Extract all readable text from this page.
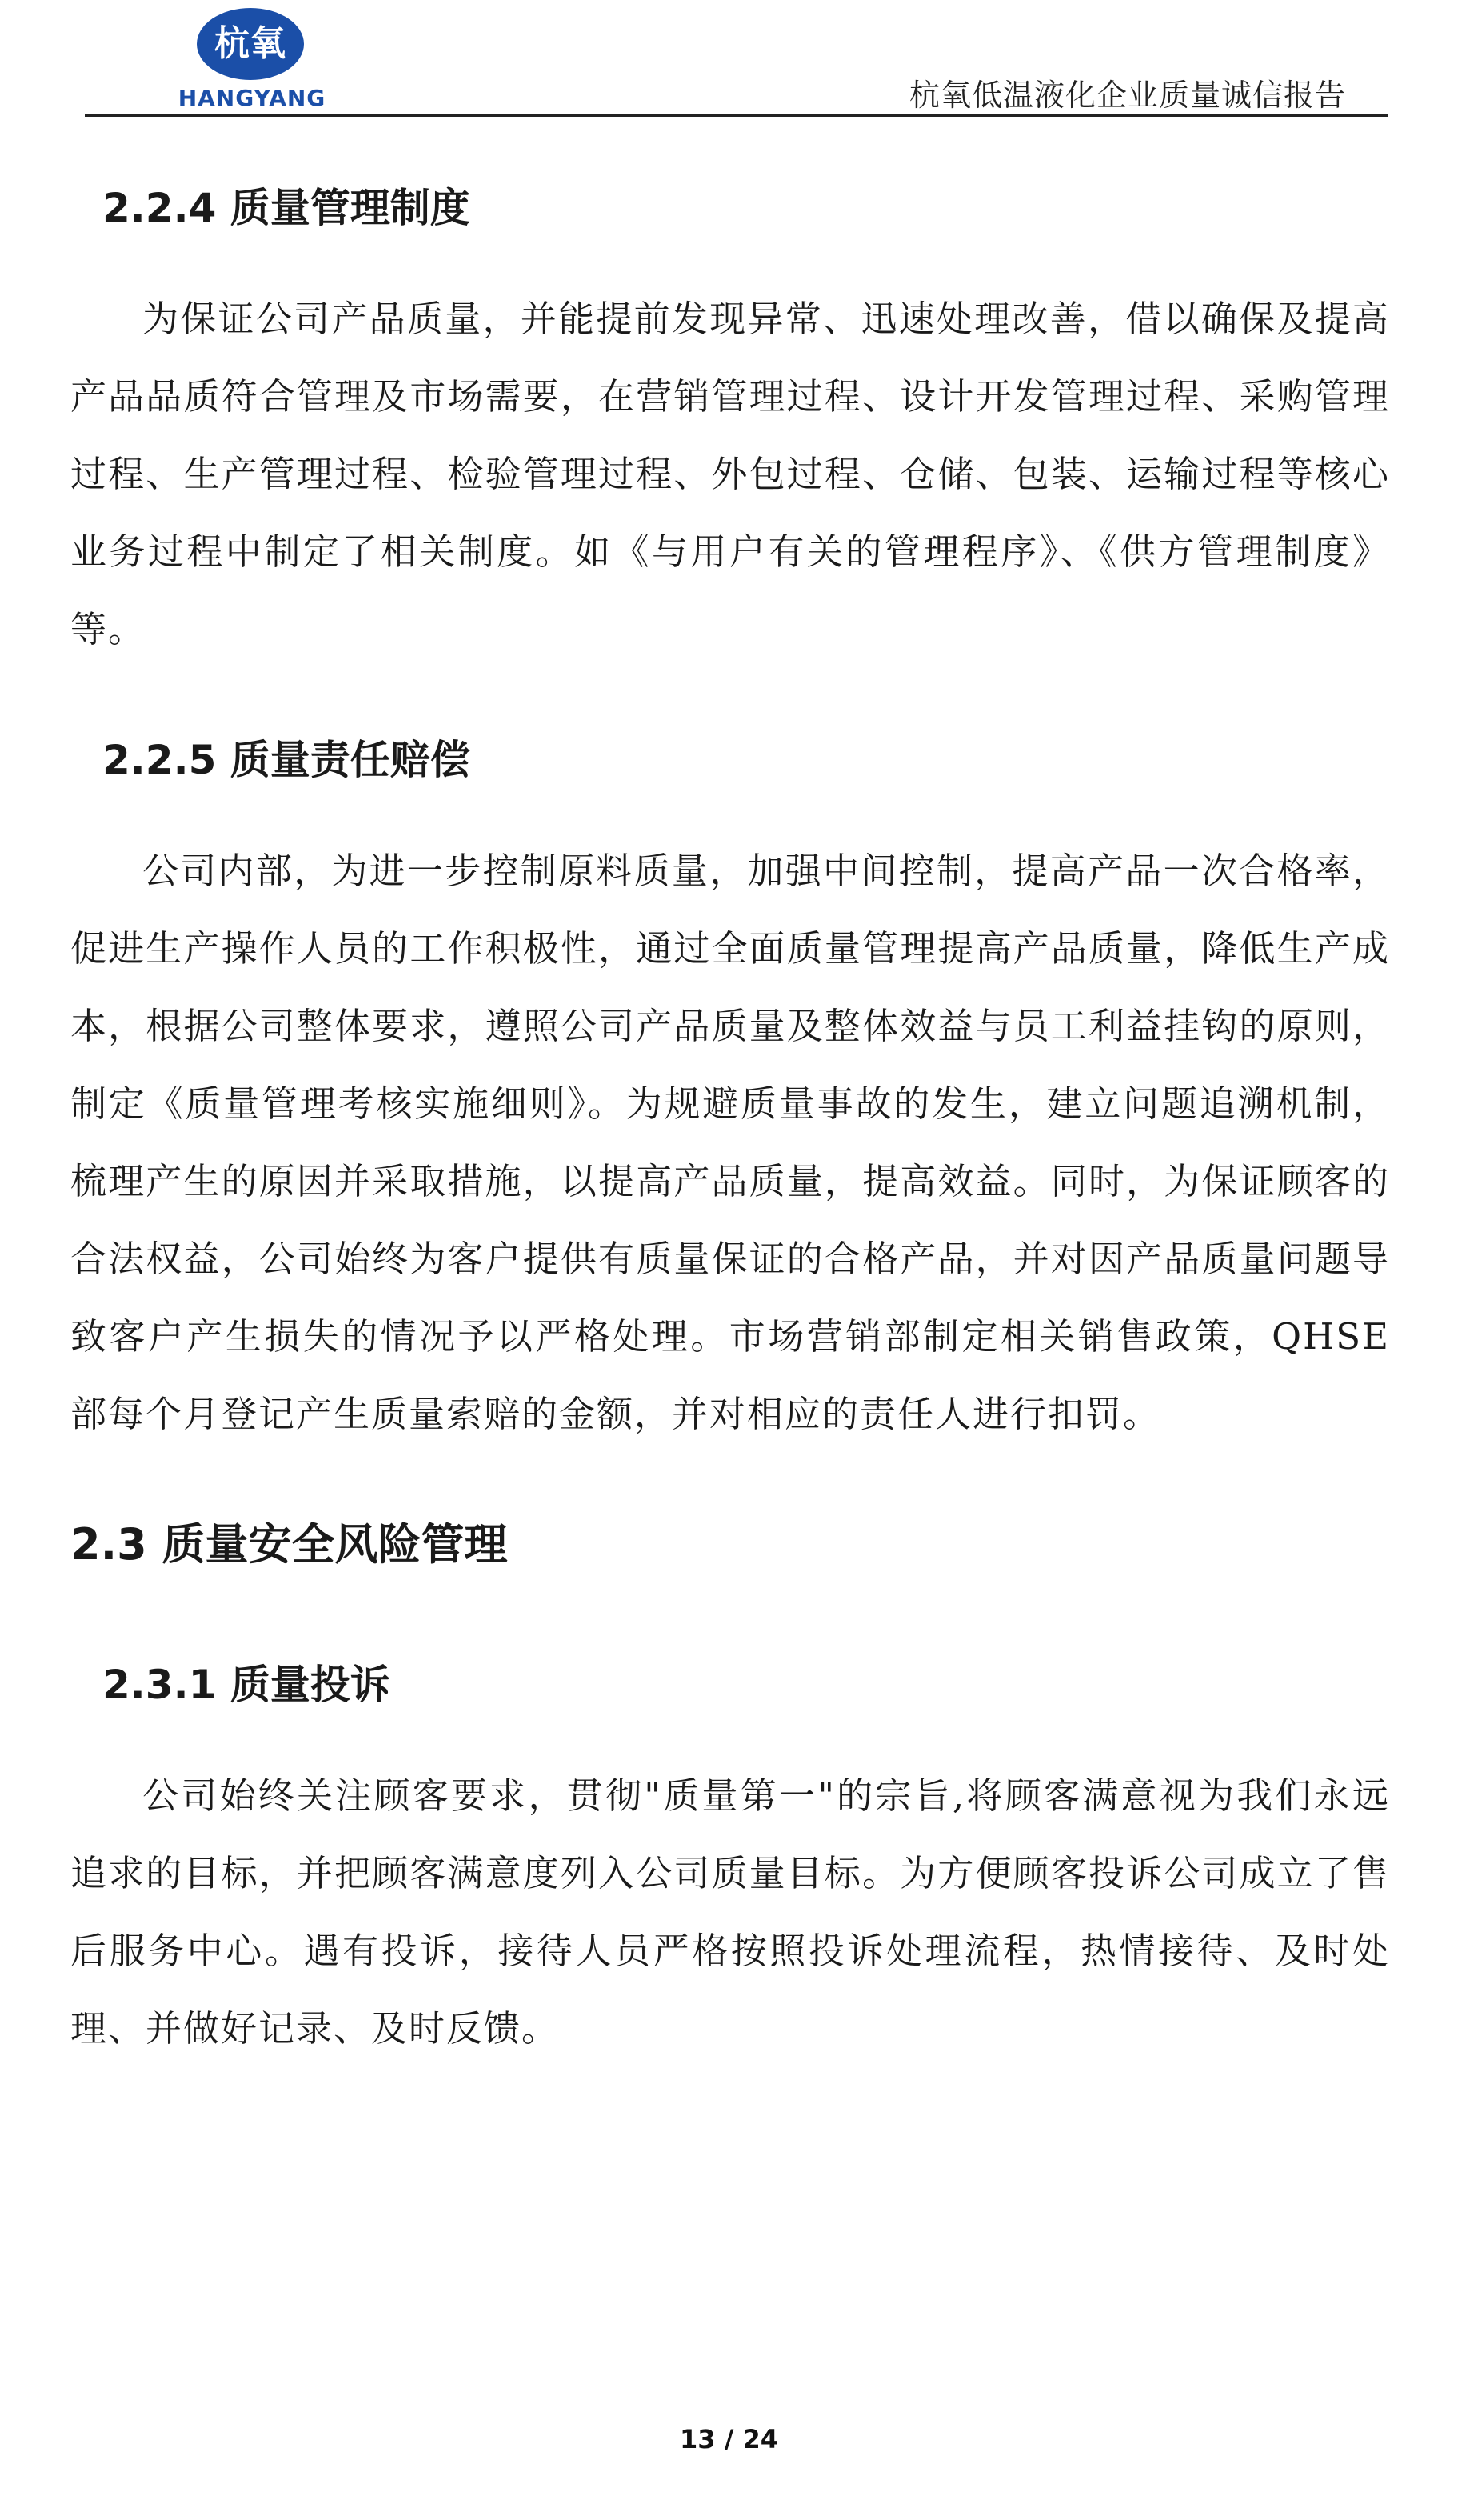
杭氧
HANGYANG	杭氧低温液化企业质量诚信报告
2.2.4 质量管理制度

为保证公司产品质量，并能提前发现异常、迅速处理改善，借以确保及提高产品品质符合管理及市场需要，在营销管理过程、设计开发管理过程、采购管理过程、生产管理过程、检验管理过程、外包过程、仓储、包装、运输过程等核心业务过程中制定了相关制度。如《与用户有关的管理程序》、《供方管理制度》等。

2.2.5 质量责任赔偿

公司内部，为进一步控制原料质量，加强中间控制，提高产品一次合格率，促进生产操作人员的工作积极性，通过全面质量管理提高产品质量，降低生产成本，根据公司整体要求，遵照公司产品质量及整体效益与员工利益挂钩的原则，制定《质量管理考核实施细则》。为规避质量事故的发生，建立问题追溯机制，梳理产生的原因并采取措施，以提高产品质量，提高效益。同时，为保证顾客的合法权益，公司始终为客户提供有质量保证的合格产品，并对因产品质量问题导致客户产生损失的情况予以严格处理。市场营销部制定相关销售政策，QHSE部每个月登记产生质量索赔的金额，并对相应的责任人进行扣罚。

2.3 质量安全风险管理
2.3.1 质量投诉

公司始终关注顾客要求，贯彻"质量第一"的宗旨,将顾客满意视为我们永远追求的目标，并把顾客满意度列入公司质量目标。为方便顾客投诉公司成立了售后服务中心。遇有投诉，接待人员严格按照投诉处理流程，热情接待、及时处理、并做好记录、及时反馈。

13 / 24
